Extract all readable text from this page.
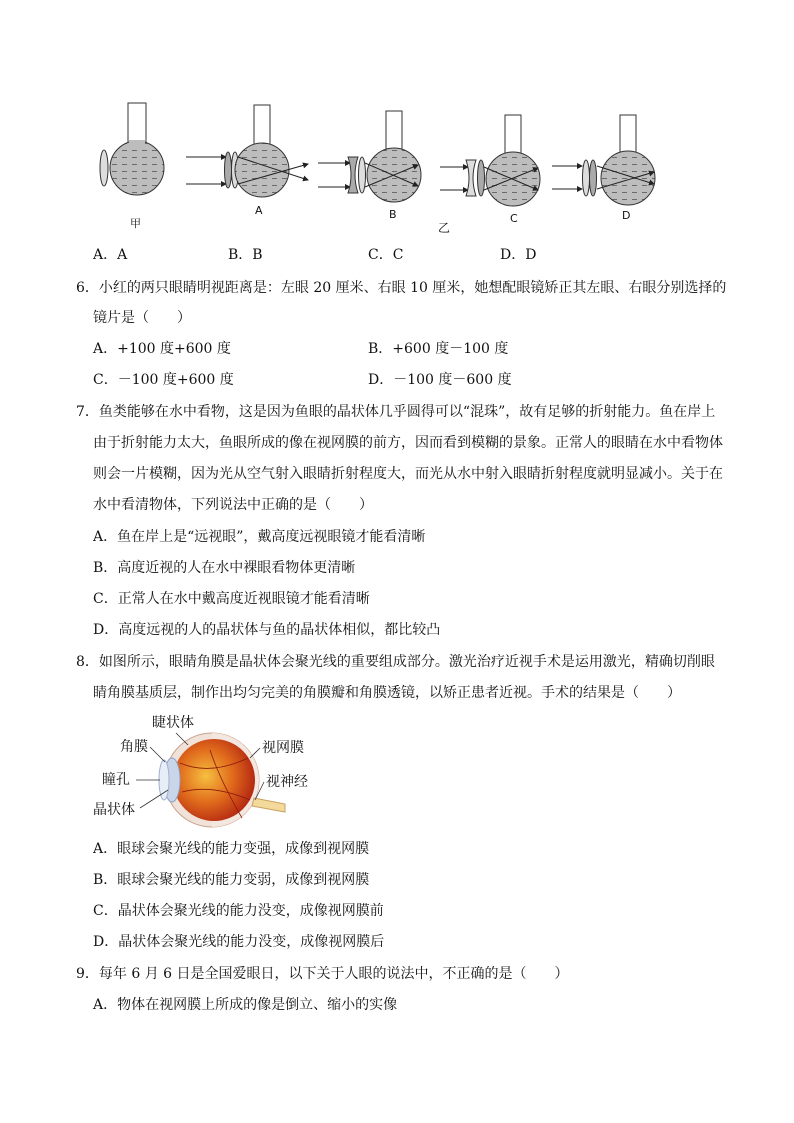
甲
A	B
乙
C	D
A．A	B．B	C．C	D．D
6．小红的两只眼睛明视距离是：左眼 20 厘米、右眼 10 厘米，她想配眼镜矫正其左眼、右眼分别选择的
镜片是（　　）
A．+100 度+600 度	B．+600 度－100 度
C．－100 度+600 度	D．－100 度－600 度
7．鱼类能够在水中看物，这是因为鱼眼的晶状体几乎圆得可以“混珠”，故有足够的折射能力。鱼在岸上
由于折射能力太大，鱼眼所成的像在视网膜的前方，因而看到模糊的景象。正常人的眼睛在水中看物体
则会一片模糊，因为光从空气射入眼睛折射程度大，而光从水中射入眼睛折射程度就明显减小。关于在
水中看清物体，下列说法中正确的是（　　）
A．鱼在岸上是“远视眼”，戴高度远视眼镜才能看清晰
B．高度近视的人在水中裸眼看物体更清晰
C．正常人在水中戴高度近视眼镜才能看清晰
D．高度远视的人的晶状体与鱼的晶状体相似，都比较凸
8．如图所示，眼睛角膜是晶状体会聚光线的重要组成部分。激光治疗近视手术是运用激光，精确切削眼
睛角膜基质层，制作出均匀完美的角膜瓣和角膜透镜，以矫正患者近视。手术的结果是（　　）
睫状体
角膜	视网膜
瞳孔	视神经
晶状体
A．眼球会聚光线的能力变强，成像到视网膜
B．眼球会聚光线的能力变弱，成像到视网膜
C．晶状体会聚光线的能力没变，成像视网膜前
D．晶状体会聚光线的能力没变，成像视网膜后
9．每年 6 月 6 日是全国爱眼日，以下关于人眼的说法中，不正确的是（　　）
A．物体在视网膜上所成的像是倒立、缩小的实像
